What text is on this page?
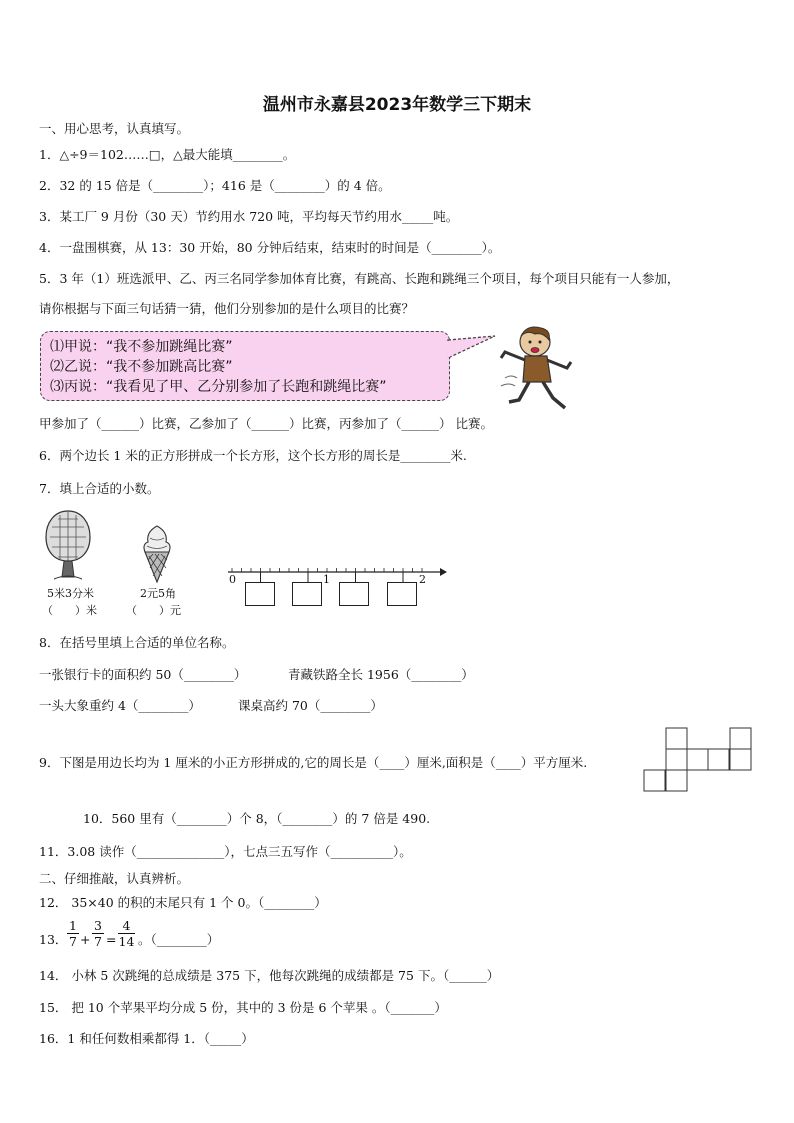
温州市永嘉县2023年数学三下期末
一、用心思考，认真填写。
1．△÷9＝102……□，△最大能填________。
2．32 的 15 倍是（________）；416 是（________）的 4 倍。
3．某工厂 9 月份（30 天）节约用水 720 吨，平均每天节约用水_____吨。
4．一盘围棋赛，从 13：30 开始，80 分钟后结束，结束时的时间是（________）。
5．3 年（1）班选派甲、乙、丙三名同学参加体育比赛，有跳高、长跑和跳绳三个项目，每个项目只能有一人参加，
请你根据与下面三句话猜一猜，他们分别参加的是什么项目的比赛？
⑴甲说：“我不参加跳绳比赛”
⑵乙说：“我不参加跳高比赛”
⑶丙说：“我看见了甲、乙分别参加了长跑和跳绳比赛”
甲参加了（______）比赛，乙参加了（______）比赛，丙参加了（______） 比赛。
6．两个边长 1 米的正方形拼成一个长方形，这个长方形的周长是________米.
7．填上合适的小数。
5米3分米
（　　）米
2元5角
（　　）元
0	1	2
8．在括号里填上合适的单位名称。
一张银行卡的面积约 50（________）	青藏铁路全长 1956（________）
一头大象重约 4（________）	课桌高约 70（________）
9．下图是用边长均为 1 厘米的小正方形拼成的,它的周长是（____）厘米,面积是（____）平方厘米.
10．560 里有（________）个 8，（________）的 7 倍是 490.
11．3.08 读作（______________），七点三五写作（__________）。
二、仔细推敲，认真辨析。
12． 35×40 的积的末尾只有 1 个 0。（________）
13．
1
7 +
3
7 =
4
14 。（________）
14． 小林 5 次跳绳的总成绩是 375 下，他每次跳绳的成绩都是 75 下。（______）
15． 把 10 个苹果平均分成 5 份，其中的 3 份是 6 个苹果 。（_______）
16．1 和任何数相乘都得 1．（_____）
